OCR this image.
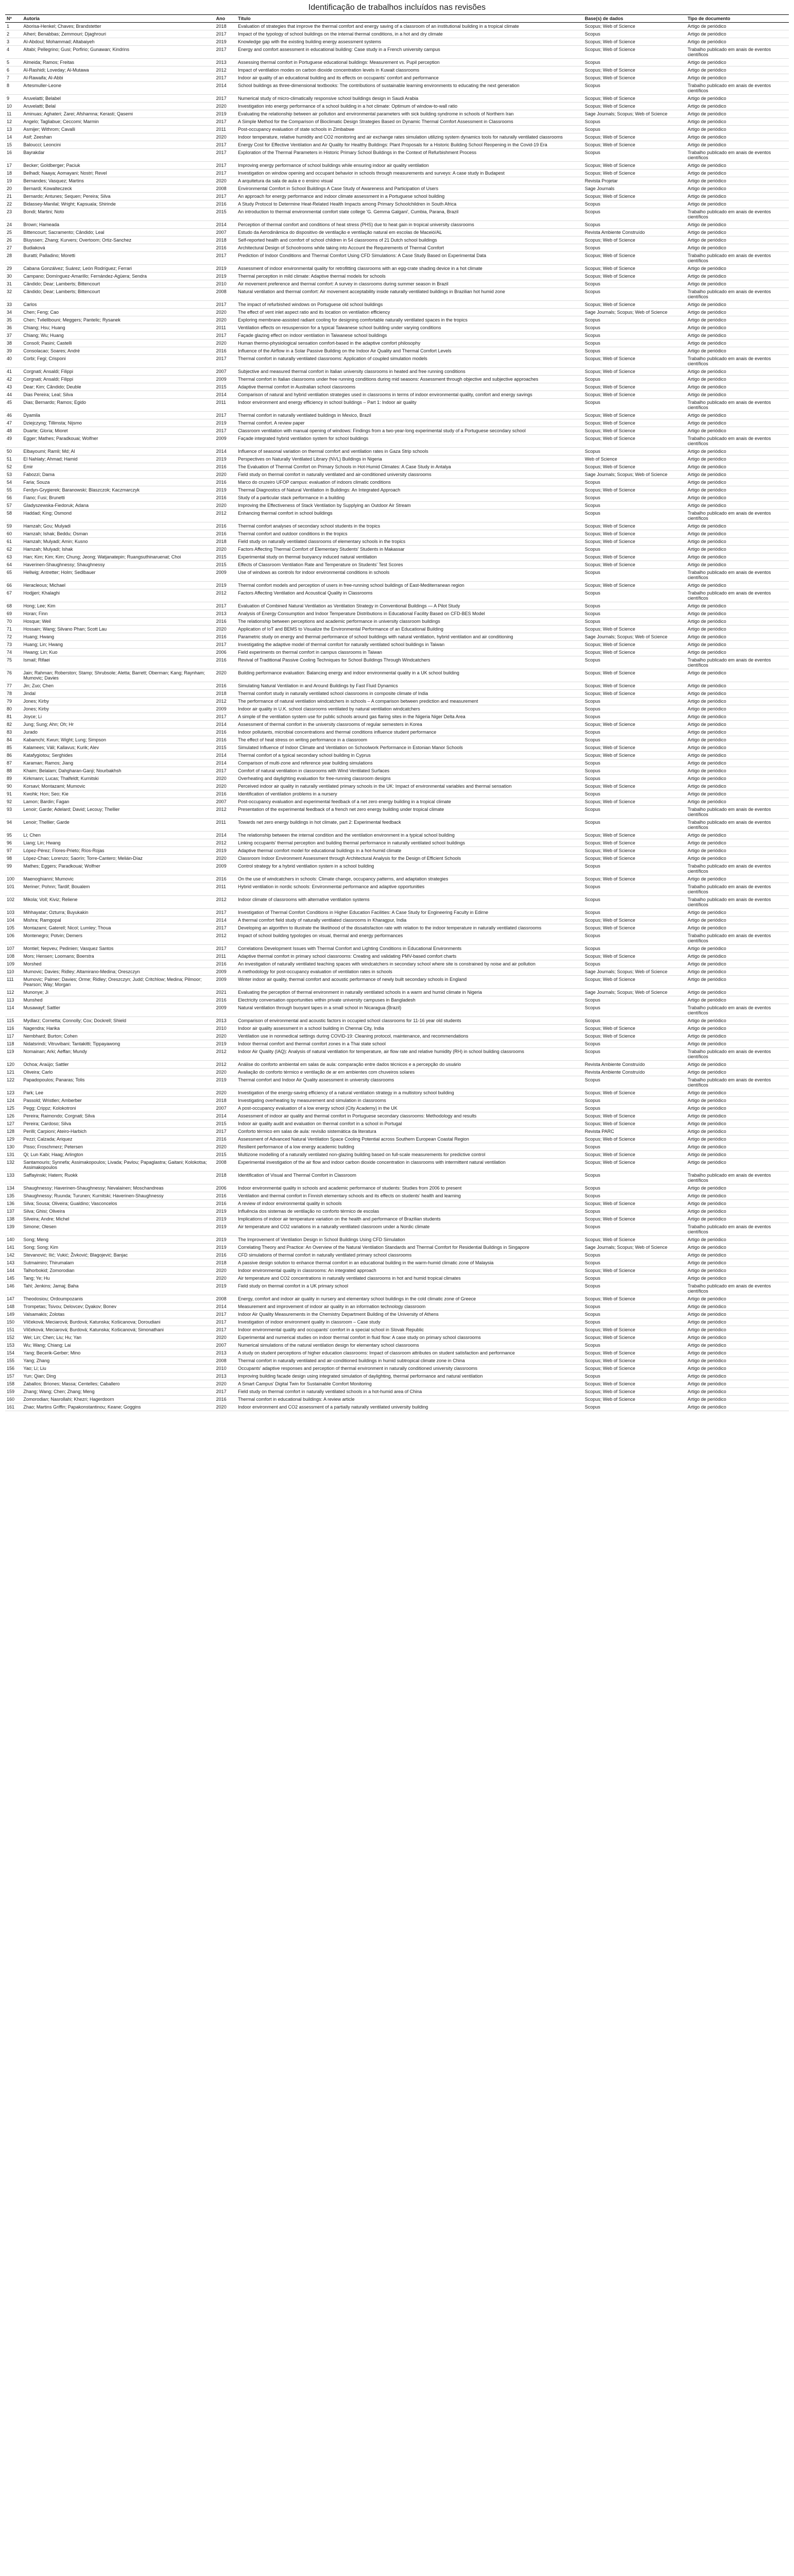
Identificação de trabalhos incluídos nas revisões
Nº	Autoria	Ano	Título	Base(s) de dados	Tipo de documento
1	Aborisa-Henkel; Chaves; Brandstetter	2018	Evaluation of strategies that improve the thermal comfort and energy saving of a classroom of an institutional building in a tropical climate	Scopus; Web of Science	Artigo de periódico
2	Alheri; Benabbas; Zemmouri; Djaghrouri	2017	Impact of the typology of school buildings on the internal thermal conditions, in a hot and dry climate	Scopus	Artigo de periódico
3	Al-Abdoul; Mohammad; Altabaiyeh	2019	Knowledge gap with the existing building energy assessment systems	Scopus; Web of Science	Artigo de periódico
4	Altabi; Pellegrino; Gusi; Porfirio; Gunawan; Kindrins	2017	Energy and comfort assessment in educational building: Case study in a French university campus	Scopus; Web of Science	Trabalho publicado em anais de eventos científicos
5	Almeida; Ramos; Freitas	2013	Assessing thermal comfort in Portuguese educational buildings: Measurement vs. Pupil perception	Scopus	Artigo de periódico
6	Al-Rashidi; Loveday; Al-Mutawa	2012	Impact of ventilation modes on carbon dioxide concentration levels in Kuwait classrooms	Scopus; Web of Science	Artigo de periódico
7	Al-Rawaifa; Al-Abbi	2017	Indoor air quality of an educational building and its effects on occupants' comfort and performance	Scopus; Web of Science	Artigo de periódico
8	Artesmuller-Leone	2014	School buildings as three-dimensional textbooks: The contributions of sustainable learning environments to educating the next generation	Scopus	Trabalho publicado em anais de eventos científicos
9	Aruvelatti; Belabel	2017	Numerical study of micro-climatically responsive school buildings design in Saudi Arabia	Scopus; Web of Science	Artigo de periódico
10	Aruvelatti; Belal	2020	Investigation into energy performance of a school building in a hot climate: Optimum of window-to-wall ratio	Scopus; Web of Science	Artigo de periódico
11	Aminuas; Aghateri; Zarei; Afshamna; Kerasti; Qasemi	2019	Evaluating the relationship between air pollution and environmental parameters with sick building syndrome in schools of Northern Iran	Sage Journals; Scopus; Web of Science	Artigo de periódico
12	Angelo; Tagliabue; Ceccomi; Marmin	2017	A Simple Method for the Comparison of Bioclimatic Design Strategies Based on Dynamic Thermal Comfort Assessment in Classrooms	Scopus	Artigo de periódico
13	Asmijer; Withrom; Cavalli	2011	Post-occupancy evaluation of state schools in Zimbabwe	Scopus	Artigo de periódico
14	Asif; Zeeshan	2020	Indoor temperature, relative humidity and CO2 monitoring and air exchange rates simulation utilizing system dynamics tools for naturally ventilated classrooms	Scopus; Web of Science	Artigo de periódico
15	Baloucci; Leoncini	2017	Energy Cost for Effective Ventilation and Air Quality for Healthy Buildings: Plant Proposals for a Historic Building School Reopening in the Covid-19 Era	Scopus; Web of Science	Artigo de periódico
16	Bayrakdar	2017	Exploration of the Thermal Parameters in Historic Primary School Buildings in the Context of Refurbishment Process	Scopus	Trabalho publicado em anais de eventos científicos
17	Becker; Goldberger; Paciuk	2017	Improving energy performance of school buildings while ensuring indoor air quality ventilation	Scopus; Web of Science	Artigo de periódico
18	Belhadi; Naaya; Aomayani; Nostri; Revel	2017	Investigation on window opening and occupant behavior in schools through measurements and surveys: A case study in Budapest	Scopus; Web of Science	Artigo de periódico
19	Bernandes; Vasquez; Martins	2020	A arquitetura da sala de aula e o ensino visual	Revista Projetar	Artigo de periódico
20	Bernardi; Kowalteczeck	2008	Environmental Comfort in School Buildings A Case Study of Awareness and Participation of Users	Sage Journals	Artigo de periódico
21	Bernardo; Antunes; Sequen; Pereira; Silva	2017	An approach for energy performance and indoor climate assessment in a Portuguese school building	Scopus; Web of Science	Artigo de periódico
22	Bidassey-Manilal; Wright; Kapsuala; Shirinde	2016	A Study Protocol to Determine Heat-Related Health Impacts among Primary Schoolchildren in South Africa	Scopus	Artigo de periódico
23	Bondi; Martini; Noto	2015	An introduction to thermal environmental comfort state college 'G. Gemma Galgani', Cumbia, Parana, Brazil	Scopus	Trabalho publicado em anais de eventos científicos
24	Brown; Hameada	2014	Perception of thermal comfort and conditions of heat stress (PHS) due to heat gain in tropical university classrooms	Scopus	Artigo de periódico
25	Bittencourt; Sacramento; Cândido; Leal	2007	Estudo da Aerodinâmica do dispositivo de ventilação e ventilação natural em escolas de Maceió/AL	Revista Ambiente Construído	Artigo de periódico
26	Bluyssen; Zhang; Kurvers; Overtoom; Ortiz-Sanchez	2018	Self-reported health and comfort of school children in 54 classrooms of 21 Dutch school buildings	Scopus; Web of Science	Artigo de periódico
27	Budiaková	2016	Architectural Design of Schoolrooms while taking into Account the Requirements of Thermal Comfort	Scopus	Artigo de periódico
28	Buratti; Palladino; Moretti	2017	Prediction of Indoor Conditions and Thermal Comfort Using CFD Simulations: A Case Study Based on Experimental Data	Scopus; Web of Science	Trabalho publicado em anais de eventos científicos
29	Cabana Gonzálvez; Suárez; León Rodríguez; Ferrari	2019	Assessment of indoor environmental quality for retrofitting classrooms with an egg-crate shading device in a hot climate	Scopus; Web of Science	Artigo de periódico
30	Campano; Domínguez-Amarillo; Fernández-Agüera; Sendra	2019	Thermal perception in mild climate: Adaptive thermal models for schools	Scopus; Web of Science	Artigo de periódico
31	Cândido; Dear; Lamberts; Bittencourt	2010	Air movement preference and thermal comfort: A survey in classrooms during summer season in Brazil	Scopus	Artigo de periódico
32	Cândido; Dear; Lamberts; Bittencourt	2008	Natural ventilation and thermal comfort: Air movement acceptability inside naturally ventilated buildings in Brazilian hot humid zone	Scopus	Trabalho publicado em anais de eventos científicos
33	Carlos	2017	The impact of refurbished windows on Portuguese old school buildings	Scopus; Web of Science	Artigo de periódico
34	Chen; Feng; Cao	2020	The effect of vent inlet aspect ratio and its location on ventilation efficiency	Sage Journals; Scopus; Web of Science	Artigo de periódico
35	Chen; Tvilellbouni; Meggers; Pantelic; Rysanek	2020	Exploring membrane-assisted radiant cooling for designing comfortable naturally ventilated spaces in the tropics	Scopus	Artigo de periódico
36	Chiang; Hsu; Huang	2011	Ventilation effects on resuspension for a typical Taiwanese school building under varying conditions	Scopus	Artigo de periódico
37	Chiang; Wu; Huang	2017	Façade glazing effect on indoor ventilation in Taiwanese school buildings	Scopus	Artigo de periódico
38	Consoli; Pasini; Castelli	2020	Human thermo-physiological sensation comfort-based in the adaptive comfort philosophy	Scopus	Artigo de periódico
39	Consolacao; Soares; André	2016	Influence of the Airflow in a Solar Passive Building on the Indoor Air Quality and Thermal Comfort Levels	Scopus	Artigo de periódico
40	Corbi; Fegi; Crisponi	2017	Thermal comfort in naturally ventilated classrooms: Application of coupled simulation models	Scopus; Web of Science	Trabalho publicado em anais de eventos científicos
41	Corgnati; Ansaldi; Filippi	2007	Subjective and measured thermal comfort in Italian university classrooms in heated and free running conditions	Scopus; Web of Science	Artigo de periódico
42	Corgnati; Ansaldi; Filippi	2009	Thermal comfort in Italian classrooms under free running conditions during mid seasons: Assessment through objective and subjective approaches	Scopus	Artigo de periódico
43	Dear; Kim; Cândido; Deuble	2015	Adaptive thermal comfort in Australian school classrooms	Scopus; Web of Science	Artigo de periódico
44	Dias Pereira; Leal; Silva	2014	Comparison of natural and hybrid ventilation strategies used in classrooms in terms of indoor environmental quality, comfort and energy savings	Scopus; Web of Science	Artigo de periódico
45	Dias; Bernardo; Ramos; Egido	2011	Indoor environment and energy efficiency in school buildings – Part 1: Indoor air quality	Scopus	Trabalho publicado em anais de eventos científicos
46	Dyamila	2017	Thermal comfort in naturally ventilated buildings in Mexico, Brazil	Scopus; Web of Science	Artigo de periódico
47	Dziejczyng; Tillimsta; Nijsmo	2019	Thermal comfort. A review paper	Scopus; Web of Science	Artigo de periódico
48	Duarte; Gloria; Mioret	2017	Classroom ventilation with manual opening of windows: Findings from a two-year-long experimental study of a Portuguese secondary school	Scopus; Web of Science	Artigo de periódico
49	Egger; Mathes; Paradkouai; Wolfner	2009	Façade integrated hybrid ventilation system for school buildings	Scopus; Web of Science	Trabalho publicado em anais de eventos científicos
50	Elbayoumi; Ramli; Md; Al	2014	Influence of seasonal variation on thermal comfort and ventilation rates in Gaza Strip schools	Scopus	Artigo de periódico
51	El Nahlaty; Ahmad; Hamid	2019	Perspectives on Naturally Ventilated Library (NVL) Buildings in Nigeria	Web of Science	Artigo de periódico
52	Emir	2016	The Evaluation of Thermal Comfort on Primary Schools in Hot-Humid Climates: A Case Study in Antalya	Scopus; Web of Science	Artigo de periódico
53	Fabozzi; Dama	2020	Field study on thermal comfort in naturally ventilated and air-conditioned university classrooms	Sage Journals; Scopus; Web of Science	Artigo de periódico
54	Faria; Souza	2016	Marco do cruzeiro UFOP campus: evaluation of indoors climatic conditions	Scopus	Artigo de periódico
55	Ferdyn-Grygierek; Baranowski; Blaszczok; Kaczmarczyk	2019	Thermal Diagnostics of Natural Ventilation in Buildings: An Integrated Approach	Scopus; Web of Science	Artigo de periódico
56	Fiano; Fusi; Brunetti	2016	Study of a particular stack performance in a building	Scopus	Artigo de periódico
57	Gladyszewska-Fiedoruk; Adana	2020	Improving the Effectiveness of Stack Ventilation by Supplying an Outdoor Air Stream	Scopus	Artigo de periódico
58	Haddad; King; Osmond	2012	Enhancing thermal comfort in school buildings	Scopus	Trabalho publicado em anais de eventos científicos
59	Hamzah; Gou; Mulyadi	2016	Thermal comfort analyses of secondary school students in the tropics	Scopus; Web of Science	Artigo de periódico
60	Hamzah; Ishak; Beddu; Osman	2016	Thermal comfort and outdoor conditions in the tropics	Scopus; Web of Science	Artigo de periódico
61	Hamzah; Mulyadi; Amin; Kusno	2018	Field study on naturally ventilated classrooms of elementary schools in the tropics	Scopus; Web of Science	Artigo de periódico
62	Hamzah; Mulyadi; Ishak	2020	Factors Affecting Thermal Comfort of Elementary Students' Students in Makassar	Scopus	Artigo de periódico
63	Han; Kim; Kim; Kim; Chung; Jeong; Watjanatepin; Ruangsuthinaruenat; Choi	2015	Experimental study on thermal buoyancy induced natural ventilation	Scopus; Web of Science	Artigo de periódico
64	Haverinen-Shaughnessy; Shaughnessy	2015	Effects of Classroom Ventilation Rate and Temperature on Students' Test Scores	Scopus; Web of Science	Artigo de periódico
65	Hellwig; Antretter; Holm; Sedlbauer	2009	Use of windows as controls for indoor environmental conditions in schools	Scopus	Trabalho publicado em anais de eventos científicos
66	Heracleous; Michael	2019	Thermal comfort models and perception of users in free-running school buildings of East-Mediterranean region	Scopus; Web of Science	Artigo de periódico
67	Hodjjeri; Khalaghi	2012	Factors Affecting Ventilation and Acoustical Quality in Classrooms	Scopus	Trabalho publicado em anais de eventos científicos
68	Hong; Lee; Kim	2017	Evaluation of Combined Natural Ventilation as Ventilation Strategy in Conventional Buildings — A Pilot Study	Scopus	Artigo de periódico
69	Horan; Finn	2013	Analysis of Energy Consumption and Indoor Temperature Distributions in Educational Facility Based on CFD-BES Model	Scopus	Artigo de periódico
70	Hosque; Weil	2016	The relationship between perceptions and academic performance in university classroom buildings	Scopus	Artigo de periódico
71	Hossain; Wang; Silvano Phan; Scott Lau	2020	Application of IoT and BEMS to Visualize the Environmental Performance of an Educational Building	Scopus; Web of Science	Artigo de periódico
72	Huang; Hwang	2016	Parametric study on energy and thermal performance of school buildings with natural ventilation, hybrid ventilation and air conditioning	Sage Journals; Scopus; Web of Science	Artigo de periódico
73	Huang; Lin; Hwang	2017	Investigating the adaptive model of thermal comfort for naturally ventilated school buildings in Taiwan	Scopus; Web of Science	Artigo de periódico
74	Hwang; Lin; Kuo	2006	Field experiments on thermal comfort in campus classrooms in Taiwan	Scopus; Web of Science	Artigo de periódico
75	Ismail; Rifaei	2016	Revival of Traditional Passive Cooling Techniques for School Buildings Through Windcatchers	Scopus	Trabalho publicado em anais de eventos científicos
76	Jain; Rahman; Roberston; Stamp; Shrubsole; Aletta; Barrett; Oberman; Kang; Raynham; Mumovic; Davies	2020	Building performance evaluation: Balancing energy and indoor environmental quality in a UK school building	Scopus; Web of Science	Artigo de periódico
77	Jin; Zuo; Chen	2016	Simulating Natural Ventilation in and Around Buildings by Fast Fluid Dynamics	Scopus; Web of Science	Artigo de periódico
78	Jindal	2018	Thermal comfort study in naturally ventilated school classrooms in composite climate of India	Scopus; Web of Science	Artigo de periódico
79	Jones; Kirby	2012	The performance of natural ventilation windcatchers in schools – A comparison between prediction and measurement	Scopus	Artigo de periódico
80	Jones; Kirby	2009	Indoor air quality in U.K. school classrooms ventilated by natural ventilation windcatchers	Scopus	Artigo de periódico
81	Joyce; Li	2017	A simple of the ventilation system use for public schools around gas flaring sites in the Nigeria Niger Delta Area	Scopus	Artigo de periódico
82	Jung; Sung; Ahn; Oh; Hr	2014	Assessment of thermal comfort in the university classrooms of regular semesters in Korea	Scopus; Web of Science	Artigo de periódico
83	Jurado	2016	Indoor pollutants, microbial concentrations and thermal conditions influence student performance	Scopus	Artigo de periódico
84	Kabamchi; Kwun; Wight; Lung; Simpson	2016	The effect of heat stress on writing performance in a classroom	Scopus	Artigo de periódico
85	Kalamees; Väli; Kallavus; Kurik; Alev	2015	Simulated Influence of Indoor Climate and Ventilation on Schoolwork Performance in Estonian Manor Schools	Scopus; Web of Science	Artigo de periódico
86	Katafygiotou; Serghides	2014	Thermal comfort of a typical secondary school building in Cyprus	Scopus; Web of Science	Artigo de periódico
87	Karaman; Ramos; Jiang	2014	Comparison of multi-zone and reference year building simulations	Scopus	Artigo de periódico
88	Khaim; Belalam; Dahgharan-Ganji; Nourbakhsh	2017	Comfort of natural ventilation in classrooms with Wind Ventilated Surfaces	Scopus	Artigo de periódico
89	Kirkmann; Lucas; Thalfeldt; Kurnitski	2020	Overheating and daylighting evaluation for free-running classroom designs	Scopus	Artigo de periódico
90	Korsavi; Montazami; Mumovic	2020	Perceived indoor air quality in naturally ventilated primary schools in the UK: Impact of environmental variables and thermal sensation	Scopus; Web of Science	Artigo de periódico
91	Kwohk; Hon; Seo; Kie	2016	Identification of ventilation problems in a nursery	Scopus	Artigo de periódico
92	Lamon; Bardin; Fagan	2007	Post-occupancy evaluation and experimental feedback of a net zero energy building in a tropical climate	Scopus; Web of Science	Artigo de periódico
93	Lenoir; Garde; Adelard; David; Lecouy; Thellier	2012	Presentation of the experimental feedback of a french net zero energy building under tropical climate	Scopus	Trabalho publicado em anais de eventos científicos
94	Lenoir; Thellier; Garde	2011	Towards net zero energy buildings in hot climate, part 2: Experimental feedback	Scopus	Trabalho publicado em anais de eventos científicos
95	Li; Chen	2014	The relationship between the internal condition and the ventilation environment in a typical school building	Scopus; Web of Science	Artigo de periódico
96	Liang; Lin; Hwang	2012	Linking occupants' thermal perception and building thermal performance in naturally ventilated school buildings	Scopus; Web of Science	Artigo de periódico
97	López-Pérez; Flores-Prieto; Ríos-Rojas	2019	Adaptive thermal comfort model for educational buildings in a hot-humid climate	Scopus; Web of Science	Artigo de periódico
98	López-Chao; Lorenzo; Saorín; Torre-Cantero; Melián-Díaz	2020	Classroom Indoor Environment Assessment through Architectural Analysis for the Design of Efficient Schools	Scopus; Web of Science	Artigo de periódico
99	Mathes; Eggers; Paradkouai; Wolfner	2009	Control strategy for a hybrid ventilation system in a school building	Scopus	Trabalho publicado em anais de eventos científicos
100	Maenoghianni; Mumovic	2016	On the use of windcatchers in schools: Climate change, occupancy patterns, and adaptation strategies	Scopus; Web of Science	Artigo de periódico
101	Meriner; Pohnn; Tardif; Boualem	2011	Hybrid ventilation in nordic schools: Environmental performance and adaptive opportunities	Scopus	Trabalho publicado em anais de eventos científicos
102	Mikola; Voll; Kiviz; Reliene	2012	Indoor climate of classrooms with alternative ventilation systems	Scopus	Trabalho publicado em anais de eventos científicos
103	Mihhayatar; Ozturra; Buyukakin	2017	Investigation of Thermal Comfort Conditions in Higher Education Facilities: A Case Study for Engineering Faculty in Edirne	Scopus	Artigo de periódico
104	Mishra; Ramgopal	2014	A thermal comfort field study of naturally ventilated classrooms in Kharagpur, India	Scopus; Web of Science	Artigo de periódico
105	Montazami; Gaterell; Nicol; Lumley; Thoua	2017	Developing an algorithm to illustrate the likelihood of the dissatisfaction rate with relation to the indoor temperature in naturally ventilated classrooms	Scopus; Web of Science	Artigo de periódico
106	Montenegro; Potvin; Demers	2012	Impact of school building typologies on visual, thermal and energy performances	Scopus	Trabalho publicado em anais de eventos científicos
107	Montiel; Nepveu; Pedinien; Vasquez Santos	2017	Correlations Development Issues with Thermal Comfort and Lighting Conditions in Educational Environments	Scopus	Artigo de periódico
108	Mors; Hensen; Loomans; Boerstra	2011	Adaptive thermal comfort in primary school classrooms: Creating and validating PMV-based comfort charts	Scopus; Web of Science	Artigo de periódico
109	Morshed	2016	An investigation of naturally ventilated teaching spaces with windcatchers in secondary school where site is constrained by noise and air pollution	Scopus	Artigo de periódico
110	Mumovic; Davies; Ridley; Altamirano-Medina; Oreszczyn	2009	A methodology for post-occupancy evaluation of ventilation rates in schools	Sage Journals; Scopus; Web of Science	Artigo de periódico
111	Mumovic; Palmer; Davies; Orme; Ridley; Oreszczyn; Judd; Critchlow; Medina; Pilmoor; Pearson; Way; Morgan	2009	Winter indoor air quality, thermal comfort and acoustic performance of newly built secondary schools in England	Scopus; Web of Science	Artigo de periódico
112	Munonye; Ji	2021	Evaluating the perception of thermal environment in naturally ventilated schools in a warm and humid climate in Nigeria	Sage Journals; Scopus; Web of Science	Artigo de periódico
113	Munshed	2016	Electricity conversation opportunities within private university campuses in Bangladesh	Scopus	Artigo de periódico
114	Musawayf; Sattler	2009	Natural ventilation through buoyant tapes in a small school in Nicaragua (Brazil)	Scopus	Trabalho publicado em anais de eventos científicos
115	Mydlarz; Cornetta; Connolly; Cox; Dockrell; Shield	2013	Comparison of environmental and acoustic factors in occupied school classrooms for 11-16 year old students	Scopus	Artigo de periódico
116	Nagendra; Harika	2010	Indoor air quality assessment in a school building in Chennai City, India	Scopus; Web of Science	Artigo de periódico
117	Nembhard; Burton; Cohen	2020	Ventilation use in nonmedical settings during COVID-19: Cleaning protocol, maintenance, and recommendations	Scopus; Web of Science	Artigo de periódico
118	Nidatsrindi; Vitruvibani; Tantakitti; Tippayawong	2019	Indoor thermal comfort and thermal comfort zones in a Thai state school	Scopus	Artigo de periódico
119	Nomainan; Arki; Aeffan; Mundy	2012	Indoor Air Quality (IAQ): Analysis of natural ventilation for temperature, air flow rate and relative humidity (RH) in school building classrooms	Scopus	Trabalho publicado em anais de eventos científicos
120	Ochoa; Araújo; Sattler	2012	Análise do conforto ambiental em salas de aula: comparação entre dados técnicos e a percepção do usuário	Revista Ambiente Construído	Artigo de periódico
121	Oliveira; Carlo	2020	Avaliação do conforto térmico e ventilação de ar em ambientes com chuveiros solares	Revista Ambiente Construído	Artigo de periódico
122	Papadopoulos; Panaras; Tolis	2019	Thermal comfort and Indoor Air Quality assessment in university classrooms	Scopus	Trabalho publicado em anais de eventos científicos
123	Park; Lee	2020	Investigation of the energy-saving efficiency of a natural ventilation strategy in a multistory school building	Scopus; Web of Science	Artigo de periódico
124	Passold; Wristlen; Amberber	2018	Investigating overheating by measurement and simulation in classrooms	Scopus	Artigo de periódico
125	Pegg; Crippz; Kolokotroni	2007	A post-occupancy evaluation of a low energy school (City Academy) in the UK	Scopus	Artigo de periódico
126	Pereira; Raimondo; Corgnati; Silva	2014	Assessment of indoor air quality and thermal comfort in Portuguese secondary classrooms: Methodology and results	Scopus; Web of Science	Artigo de periódico
127	Pereira; Cardoso; Silva	2015	Indoor air quality audit and evaluation on thermal comfort in a school in Portugal	Scopus; Web of Science	Artigo de periódico
128	Perilli; Carpioni; Ateiro-Harbich	2017	Conforto térmico em salas de aula: revisão sistemática da literatura	Revista PARC	Artigo de periódico
129	Pezzi; Calzada; Ariquez	2016	Assessment of Advanced Natural Ventilation Space Cooling Potential across Southern European Coastal Region	Scopus; Web of Science	Artigo de periódico
130	Pisso; Froschmerz; Petersen	2020	Resilient performance of a low energy academic building	Scopus	Artigo de periódico
131	Qi; Lun Kabi; Haag; Arlington	2015	Multizone modelling of a naturally ventilated non-glazing building based on full-scale measurements for predictive control	Scopus; Web of Science	Artigo de periódico
132	Santamouris; Synnefa; Assimakopoulos; Livada; Pavlou; Papaglastra; Gaitani; Kolokotsa; Assimakopoulos	2008	Experimental investigation of the air flow and indoor carbon dioxide concentration in classrooms with intermittent natural ventilation	Scopus; Web of Science	Artigo de periódico
133	Saffayinski; Hatem; Ruokk	2018	Identification of Visual and Thermal Comfort in Classroom	Scopus	Trabalho publicado em anais de eventos científicos
134	Shaughnessy; Haverinen-Shaughnessy; Nevalainen; Moschandreas	2006	Indoor environmental quality in schools and academic performance of students: Studies from 2006 to present	Scopus	Artigo de periódico
135	Shaughnessy; Ruunda; Turunen; Kurnitski; Haverinen-Shaughnessy	2016	Ventilation and thermal comfort in Finnish elementary schools and its effects on students' health and learning	Scopus	Artigo de periódico
136	Silva; Sousa; Oliveira; Gualdino; Vasconcelos	2016	A review of indoor environmental quality in schools	Scopus; Web of Science	Artigo de periódico
137	Silva; Ghisi; Oliveira	2019	Influência dos sistemas de ventilação no conforto térmico de escolas	Scopus	Artigo de periódico
138	Silveira; Andre; Michel	2019	Implications of indoor air temperature variation on the health and performance of Brazilian students	Scopus; Web of Science	Artigo de periódico
139	Simone; Olesen	2019	Air temperature and CO2 variations in a naturally ventilated classroom under a Nordic climate	Scopus	Trabalho publicado em anais de eventos científicos
140	Song; Meng	2019	The Improvement of Ventilation Design in School Buildings Using CFD Simulation	Scopus; Web of Science	Artigo de periódico
141	Song; Song; Kim	2019	Correlating Theory and Practice: An Overview of the Natural Ventilation Standards and Thermal Comfort for Residential Buildings in Singapore	Sage Journals; Scopus; Web of Science	Artigo de periódico
142	Stevanović; Ilić; Vukić; Živković; Blagojević; Banjac	2016	CFD simulations of thermal comfort in naturally ventilated primary school classrooms	Scopus	Artigo de periódico
143	Sutmaimiro; Thirumalam	2018	A passive design solution to enhance thermal comfort in an educational building in the warm-humid climatic zone of Malaysia	Scopus	Artigo de periódico
144	Talhorbokid; Zomorodian	2020	Indoor environmental quality in classrooms: An integrated approach	Scopus; Web of Science	Artigo de periódico
145	Tang; Ye; Hu	2020	Air temperature and CO2 concentrations in naturally ventilated classrooms in hot and humid tropical climates	Scopus	Artigo de periódico
146	Tahl; Jenkins; Jamaj; Baha	2019	Field study on thermal comfort in a UK primary school	Scopus	Trabalho publicado em anais de eventos científicos
147	Theodosiou; Ordoumpozanis	2008	Energy, comfort and indoor air quality in nursery and elementary school buildings in the cold climatic zone of Greece	Scopus; Web of Science	Artigo de periódico
148	Trompetas; Tsivou; Delovcev; Dyakov; Bonev	2014	Measurement and improvement of indoor air quality in an information technology classroom	Scopus	Artigo de periódico
149	Valsamakis; Zolotas	2017	Indoor Air Quality Measurements in the Chemistry Department Building of the University of Athens	Scopus	Artigo de periódico
150	Vilčeková; Meciarová; Burdová; Katunska; Košicanova; Doroudiani	2017	Investigation of indoor environment quality in classroom – Case study	Scopus	Artigo de periódico
151	Vilčeková; Meciarová; Burdová; Katunska; Košicanová; Simonathani	2017	Indoor environmental quality and occupants' comfort in a special school in Slovak Republic	Scopus; Web of Science	Artigo de periódico
152	Wei; Lin; Chen; Liu; Hu; Yan	2020	Experimental and numerical studies on indoor thermal comfort in fluid flow: A case study on primary school classrooms	Scopus; Web of Science	Artigo de periódico
153	Wu; Wang; Chiang; Lai	2007	Numerical simulations of the natural ventilation design for elementary school classrooms	Scopus	Artigo de periódico
154	Yang; Becerik-Gerber; Mino	2013	A study on student perceptions of higher education classrooms: Impact of classroom attributes on student satisfaction and performance	Scopus; Web of Science	Artigo de periódico
155	Yang; Zhang	2008	Thermal comfort in naturally ventilated and air-conditioned buildings in humid subtropical climate zone in China	Scopus; Web of Science	Artigo de periódico
156	Yao; Li; Liu	2010	Occupants' adaptive responses and perception of thermal environment in naturally conditioned university classrooms	Scopus; Web of Science	Artigo de periódico
157	Yun; Qian; Ding	2013	Improving building facade design using integrated simulation of daylighting, thermal performance and natural ventilation	Scopus	Artigo de periódico
158	Zaballos; Briones; Massa; Centelles; Caballero	2020	A Smart Campus' Digital Twin for Sustainable Comfort Monitoring	Scopus; Web of Science	Artigo de periódico
159	Zhang; Wang; Chen; Zhang; Meng	2017	Field study on thermal comfort in naturally ventilated schools in a hot-humid area of China	Scopus; Web of Science	Artigo de periódico
160	Zomorodian; Nasrollahi; Khezri; Hagerdoorn	2016	Thermal comfort in educational buildings: A review article	Scopus; Web of Science	Artigo de periódico
161	Zhao; Martins Griffin; Papakonstantinou; Keane; Goggins	2020	Indoor environment and CO2 assessment of a partially naturally ventilated university building	Scopus	Artigo de periódico
